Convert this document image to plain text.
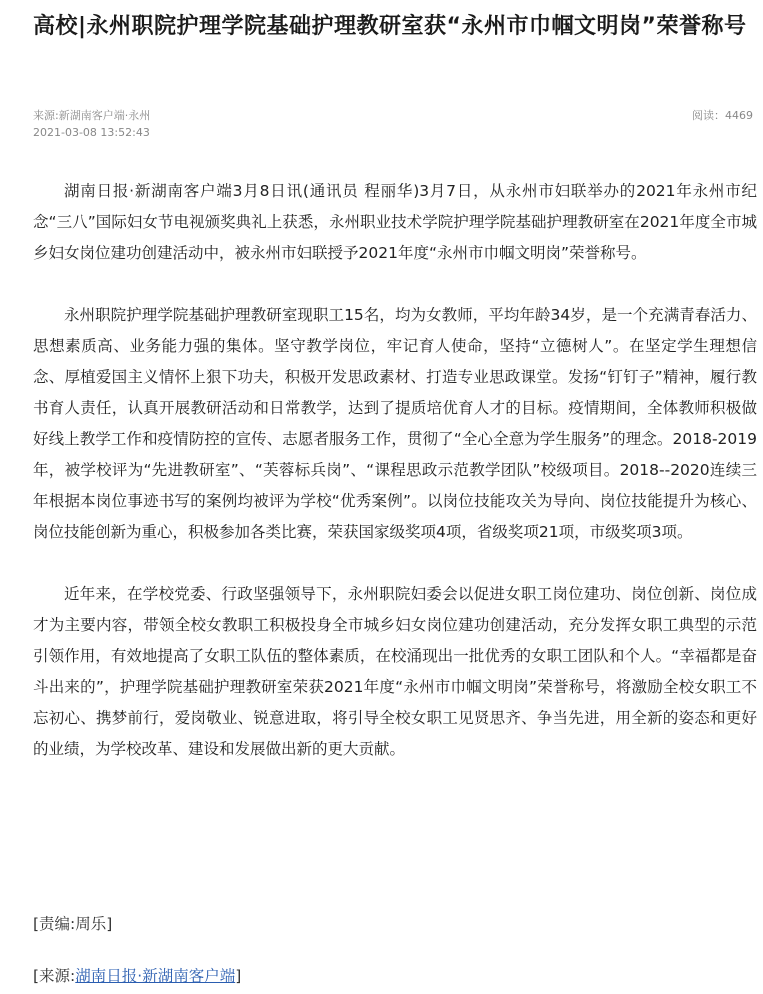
高校|永州职院护理学院基础护理教研室获“永州市巾帼文明岗”荣誉称号
来源:新湖南客户端·永州
2021-03-08 13:52:43
阅读：4469

湖南日报·新湖南客户端3月8日讯(通讯员 程丽华)3月7日，从永州市妇联举办的2021年永州市纪念“三八”国际妇女节电视颁奖典礼上获悉，永州职业技术学院护理学院基础护理教研室在2021年度全市城乡妇女岗位建功创建活动中，被永州市妇联授予2021年度“永州市巾帼文明岗”荣誉称号。

永州职院护理学院基础护理教研室现职工15名，均为女教师，平均年龄34岁，是一个充满青春活力、思想素质高、业务能力强的集体。坚守教学岗位，牢记育人使命，坚持“立德树人”。在坚定学生理想信念、厚植爱国主义情怀上狠下功夫，积极开发思政素材、打造专业思政课堂。发扬“钉钉子”精神，履行教书育人责任，认真开展教研活动和日常教学，达到了提质培优育人才的目标。疫情期间，全体教师积极做好线上教学工作和疫情防控的宣传、志愿者服务工作，贯彻了“全心全意为学生服务”的理念。2018-2019年，被学校评为“先进教研室”、“芙蓉标兵岗”、“课程思政示范教学团队”校级项目。2018--2020连续三年根据本岗位事迹书写的案例均被评为学校“优秀案例”。以岗位技能攻关为导向、岗位技能提升为核心、岗位技能创新为重心，积极参加各类比赛，荣获国家级奖项4项，省级奖项21项，市级奖项3项。

近年来，在学校党委、行政坚强领导下，永州职院妇委会以促进女职工岗位建功、岗位创新、岗位成才为主要内容，带领全校女教职工积极投身全市城乡妇女岗位建功创建活动，充分发挥女职工典型的示范引领作用，有效地提高了女职工队伍的整体素质，在校涌现出一批优秀的女职工团队和个人。“幸福都是奋斗出来的”，护理学院基础护理教研室荣获2021年度“永州市巾帼文明岗”荣誉称号，将激励全校女职工不忘初心、携梦前行，爱岗敬业、锐意进取，将引导全校女职工见贤思齐、争当先进，用全新的姿态和更好的业绩，为学校改革、建设和发展做出新的更大贡献。

[责编:周乐]
[来源:湖南日报·新湖南客户端]
